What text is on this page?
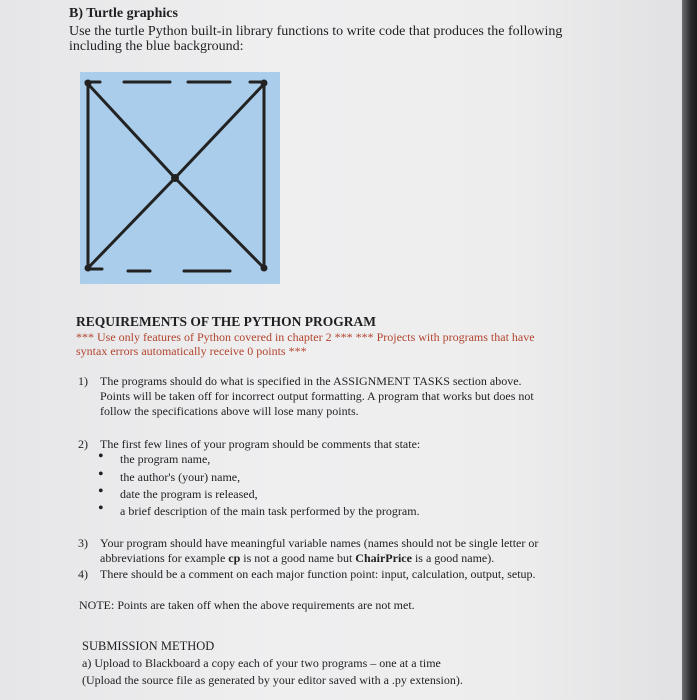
B) Turtle graphics
Use the turtle Python built-in library functions to write code that produces the following
including the blue background:
REQUIREMENTS OF THE PYTHON PROGRAM
*** Use only features of Python covered in chapter 2 *** *** Projects with programs that have
syntax errors automatically receive 0 points ***
1) The programs should do what is specified in the ASSIGNMENT TASKS section above.
Points will be taken off for incorrect output formatting. A program that works but does not
follow the specifications above will lose many points.
2) The first few lines of your program should be comments that state:
• the program name,
• the author's (your) name,
• date the program is released,
• a brief description of the main task performed by the program.
3) Your program should have meaningful variable names (names should not be single letter or
abbreviations for example cp is not a good name but ChairPrice is a good name).
4) There should be a comment on each major function point: input, calculation, output, setup.
NOTE: Points are taken off when the above requirements are not met.
SUBMISSION METHOD
a) Upload to Blackboard a copy each of your two programs – one at a time
(Upload the source file as generated by your editor saved with a .py extension).
